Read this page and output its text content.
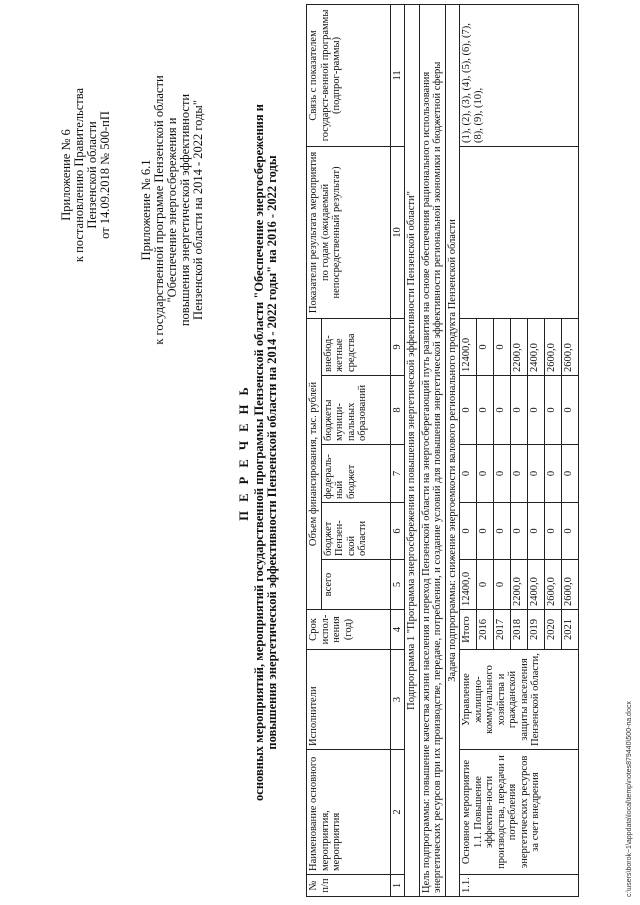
Приложение № 6 к постановлению Правительства Пензенской области от 14.09.2018 № 500-пП Приложение № 6.1 к государственной программе Пензенской области "Обеспечение энергосбережения и повышения энергетической эффективности Пензенской области на 2014 - 2022 годы"
П Е Р Е Ч Е Н Ь основных мероприятий, мероприятий государственной программы Пензенской области "Обеспечение энергосбережения и повышения энергетической эффективности Пензенской области на 2014 - 2022 годы" на 2016 - 2022 годы
№ п/п	Наименование основного мероприятия, мероприятия	Исполнители	Срок испол-нения (год)	Объем финансирования, тыс. рублей					Показатели результата мероприятия по годам (ожидаемый непосредственный результат)	Связь с показателем государст-венной программы (подпрог-раммы)
				всего	бюджет Пензен-ской области	федераль-ный бюджет	бюджеты муници-пальных образований	внебюд-жетные средства		
1	2	3	4	5	6	7	8	9	10	11
Подпрограмма 1 "Программа энергосбережения и повышения энергетической эффективности Пензенской области"										
Цель подпрограммы: повышение качества жизни населения и переход Пензенской области на энергосберегающий путь развития на основе обеспечения рационального использования энергетических ресурсов при их производстве, передаче, потреблении, и создание условий для повышения энергетической эффективности региональной экономики и бюджетной сферы										
Задача подпрограммы: снижение энергоемкости валового регионального продукта Пензенской области										
1.1.	Основное мероприятие 1.1. Повышение эффектив-ности производства, передачи и потребления энергетических ресурсов за счет внедрения	Управление жилищно-коммунального хозяйства и гражданской защиты населения Пензенской области,	Итого	12400,0	0	0	0	12400,0		(1), (2), (3), (4), (5), (6), (7), (8), (9), (10),
			2016	0	0	0	0	0		
			2017	0	0	0	0	0		
			2018	2200,0	0	0	0	2200,0		
			2019	2400,0	0	0	0	2400,0		
			2020	2600,0	0	0	0	2600,0		
			2021	2600,0	0	0	0	2600,0		
c:\users\borok~1\appdata\local\temp\notes879440\500-па.docx
